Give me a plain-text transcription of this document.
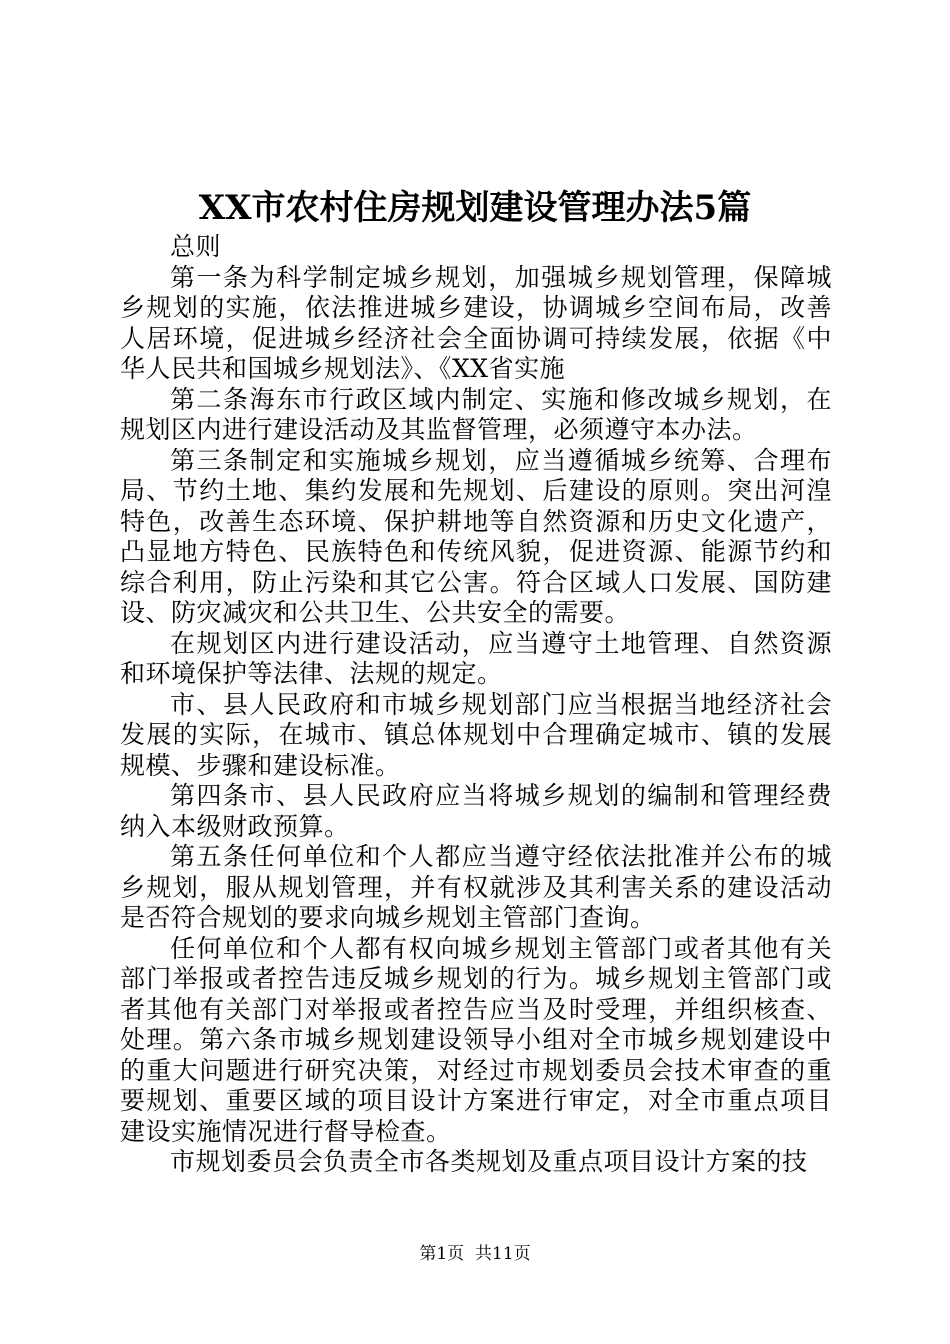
XX市农村住房规划建设管理办法5篇

总则

第一条为科学制定城乡规划，加强城乡规划管理，保障城乡规划的实施，依法推进城乡建设，协调城乡空间布局，改善人居环境，促进城乡经济社会全面协调可持续发展，依据《中华人民共和国城乡规划法》、《XX省实施

第二条海东市行政区域内制定、实施和修改城乡规划，在规划区内进行建设活动及其监督管理，必须遵守本办法。

第三条制定和实施城乡规划，应当遵循城乡统筹、合理布局、节约土地、集约发展和先规划、后建设的原则。突出河湟特色，改善生态环境、保护耕地等自然资源和历史文化遗产，凸显地方特色、民族特色和传统风貌，促进资源、能源节约和综合利用，防止污染和其它公害。符合区域人口发展、国防建设、防灾减灾和公共卫生、公共安全的需要。

在规划区内进行建设活动，应当遵守土地管理、自然资源和环境保护等法律、法规的规定。

市、县人民政府和市城乡规划部门应当根据当地经济社会发展的实际，在城市、镇总体规划中合理确定城市、镇的发展规模、步骤和建设标准。

第四条市、县人民政府应当将城乡规划的编制和管理经费纳入本级财政预算。

第五条任何单位和个人都应当遵守经依法批准并公布的城乡规划，服从规划管理，并有权就涉及其利害关系的建设活动是否符合规划的要求向城乡规划主管部门查询。

任何单位和个人都有权向城乡规划主管部门或者其他有关部门举报或者控告违反城乡规划的行为。城乡规划主管部门或者其他有关部门对举报或者控告应当及时受理，并组织核查、处理。第六条市城乡规划建设领导小组对全市城乡规划建设中的重大问题进行研究决策，对经过市规划委员会技术审查的重要规划、重要区域的项目设计方案进行审定，对全市重点项目建设实施情况进行督导检查。

市规划委员会负责全市各类规划及重点项目设计方案的技

第1页 共11页
